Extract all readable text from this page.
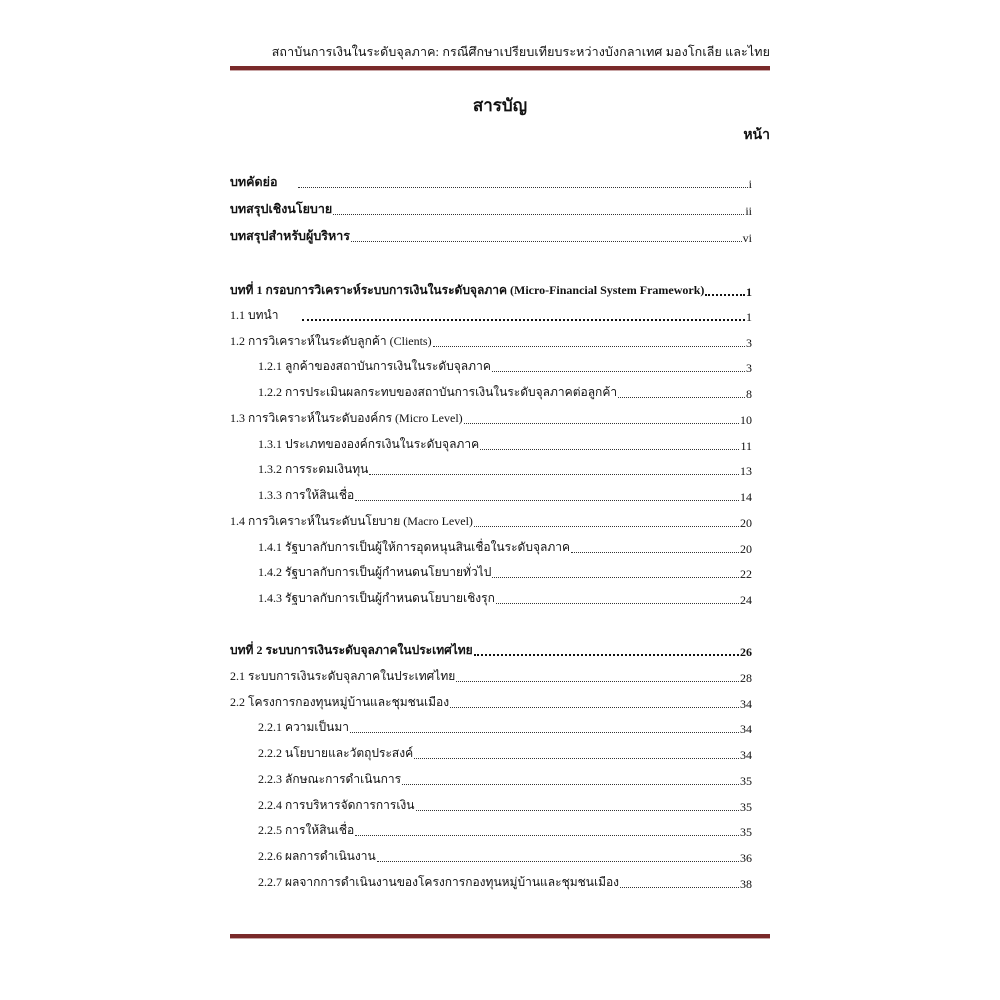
สถาบันการเงินในระดับจุลภาค: กรณีศึกษาเปรียบเทียบระหว่างบังกลาเทศ มองโกเลีย และไทย
สารบัญ
หน้า
บทคัดย่อ	i
บทสรุปเชิงนโยบาย	ii
บทสรุปสำหรับผู้บริหาร	vi
บทที่ 1 กรอบการวิเคราะห์ระบบการเงินในระดับจุลภาค (Micro-Financial System Framework)	1
1.1 บทนำ	1
1.2 การวิเคราะห์ในระดับลูกค้า (Clients)	3
1.2.1 ลูกค้าของสถาบันการเงินในระดับจุลภาค	3
1.2.2 การประเมินผลกระทบของสถาบันการเงินในระดับจุลภาคต่อลูกค้า	8
1.3 การวิเคราะห์ในระดับองค์กร (Micro Level)	10
1.3.1 ประเภทขององค์กรเงินในระดับจุลภาค	11
1.3.2 การระดมเงินทุน	13
1.3.3 การให้สินเชื่อ	14
1.4 การวิเคราะห์ในระดับนโยบาย (Macro Level)	20
1.4.1 รัฐบาลกับการเป็นผู้ให้การอุดหนุนสินเชื่อในระดับจุลภาค	20
1.4.2 รัฐบาลกับการเป็นผู้กำหนดนโยบายทั่วไป	22
1.4.3 รัฐบาลกับการเป็นผู้กำหนดนโยบายเชิงรุก	24
บทที่ 2 ระบบการเงินระดับจุลภาคในประเทศไทย	26
2.1 ระบบการเงินระดับจุลภาคในประเทศไทย	28
2.2 โครงการกองทุนหมู่บ้านและชุมชนเมือง	34
2.2.1 ความเป็นมา	34
2.2.2 นโยบายและวัตถุประสงค์	34
2.2.3 ลักษณะการดำเนินการ	35
2.2.4 การบริหารจัดการการเงิน	35
2.2.5 การให้สินเชื่อ	35
2.2.6 ผลการดำเนินงาน	36
2.2.7 ผลจากการดำเนินงานของโครงการกองทุนหมู่บ้านและชุมชนเมือง	38
